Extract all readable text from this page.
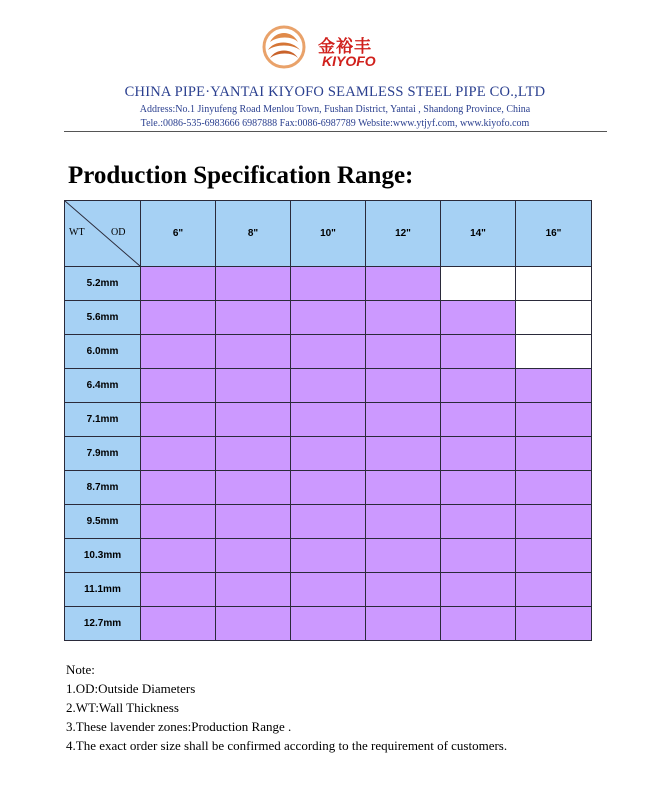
金裕丰
KIYOFO
CHINA PIPE·YANTAI KIYOFO SEAMLESS STEEL PIPE CO.,LTD
Address:No.1 Jinyufeng Road Menlou Town, Fushan District, Yantai , Shandong Province, China
Tele.:0086-535-6983666 6987888 Fax:0086-6987789 Website:www.ytjyf.com, www.kiyofo.com
Production Specification Range:
WT OD	6"	8"	10"	12"	14"	16"
5.2mm						
5.6mm						
6.0mm						
6.4mm						
7.1mm						
7.9mm						
8.7mm						
9.5mm						
10.3mm						
11.1mm						
12.7mm						
Note:
1.OD:Outside Diameters
2.WT:Wall Thickness
3.These lavender zones:Production Range .
4.The exact order size shall be confirmed according to the requirement of customers.
